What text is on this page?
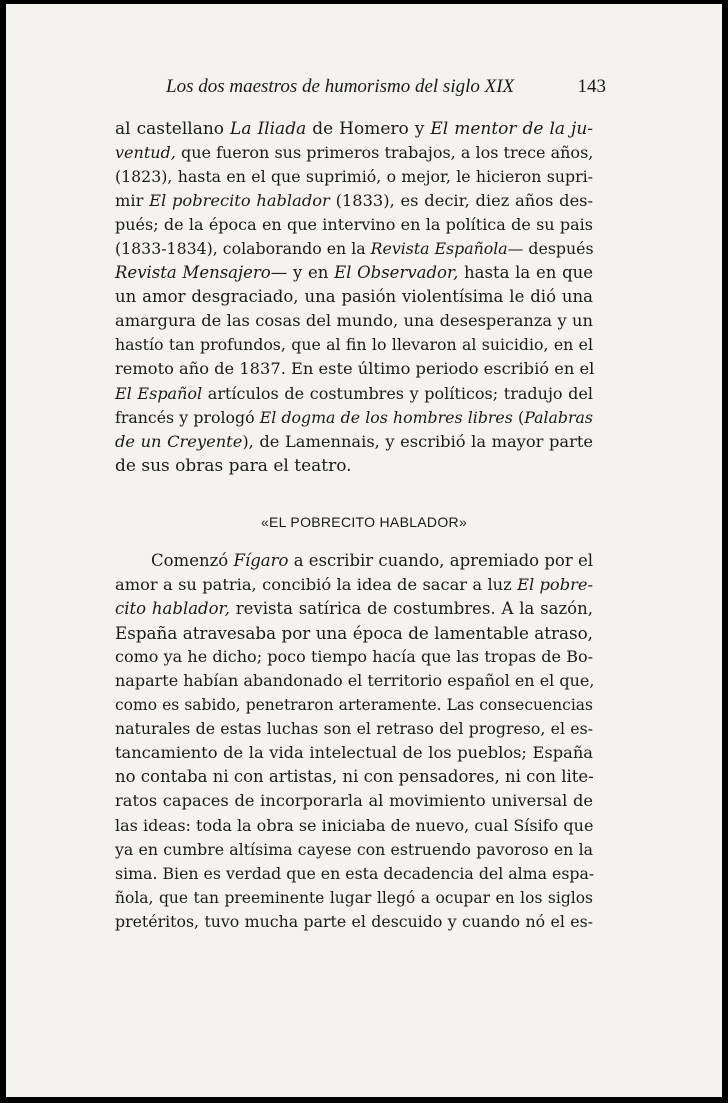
Los dos maestros de humorismo del siglo XIX	143
al castellano La Iliada de Homero y El mentor de la ju-
ventud, que fueron sus primeros trabajos, a los trece años,
(1823), hasta en el que suprimió, o mejor, le hicieron supri-
mir El pobrecito hablador (1833), es decir, diez años des-
pués; de la época en que intervino en la política de su pais
(1833-1834), colaborando en la Revista Española— después
Revista Mensajero— y en El Observador, hasta la en que
un amor desgraciado, una pasión violentísima le dió una
amargura de las cosas del mundo, una desesperanza y un
hastío tan profundos, que al fin lo llevaron al suicidio, en el
remoto año de 1837. En este último periodo escribió en el
El Español artículos de costumbres y políticos; tradujo del
francés y prologó El dogma de los hombres libres (Palabras
de un Creyente), de Lamennais, y escribió la mayor parte
de sus obras para el teatro.
«EL POBRECITO HABLADOR»
Comenzó Fígaro a escribir cuando, apremiado por el
amor a su patria, concibió la idea de sacar a luz El pobre-
cito hablador, revista satírica de costumbres. A la sazón,
España atravesaba por una época de lamentable atraso,
como ya he dicho; poco tiempo hacía que las tropas de Bo-
naparte habían abandonado el territorio español en el que,
como es sabido, penetraron arteramente. Las consecuencias
naturales de estas luchas son el retraso del progreso, el es-
tancamiento de la vida intelectual de los pueblos; España
no contaba ni con artistas, ni con pensadores, ni con lite-
ratos capaces de incorporarla al movimiento universal de
las ideas: toda la obra se iniciaba de nuevo, cual Sísifo que
ya en cumbre altísima cayese con estruendo pavoroso en la
sima. Bien es verdad que en esta decadencia del alma espa-
ñola, que tan preeminente lugar llegó a ocupar en los siglos
pretéritos, tuvo mucha parte el descuido y cuando nó el es-
